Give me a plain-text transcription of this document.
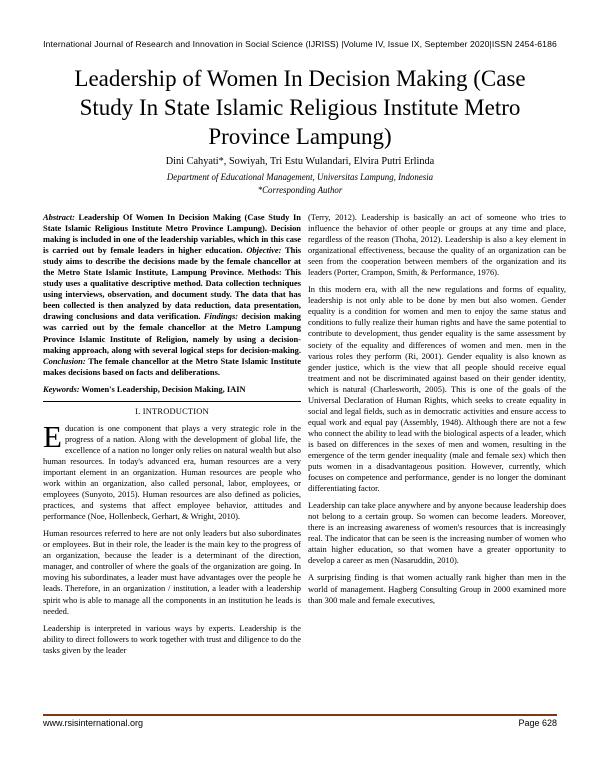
International Journal of Research and Innovation in Social Science (IJRISS) |Volume IV, Issue IX, September 2020|ISSN 2454-6186
Leadership of Women In Decision Making (Case Study In State Islamic Religious Institute Metro Province Lampung)
Dini Cahyati*, Sowiyah, Tri Estu Wulandari, Elvira Putri Erlinda
Department of Educational Management, Universitas Lampung, Indonesia
*Corresponding Author

Abstract: Leadership Of Women In Decision Making (Case Study In State Islamic Religious Institute Metro Province Lampung). Decision making is included in one of the leadership variables, which in this case is carried out by female leaders in higher education. Objective: This study aims to describe the decisions made by the female chancellor at the Metro State Islamic Institute, Lampung Province. Methods: This study uses a qualitative descriptive method. Data collection techniques using interviews, observation, and document study. The data that has been collected is then analyzed by data reduction, data presentation, drawing conclusions and data verification. Findings: decision making was carried out by the female chancellor at the Metro Lampung Province Islamic Institute of Religion, namely by using a decision-making approach, along with several logical steps for decision-making. Conclusion: The female chancellor at the Metro State Islamic Institute makes decisions based on facts and deliberations.

Keywords: Women's Leadership, Decision Making, IAIN

I. INTRODUCTION

Education is one component that plays a very strategic role in the progress of a nation. Along with the development of global life, the excellence of a nation no longer only relies on natural wealth but also human resources. In today's advanced era, human resources are a very important element in an organization. Human resources are people who work within an organization, also called personal, labor, employees, or employees (Sunyoto, 2015). Human resources are also defined as policies, practices, and systems that affect employee behavior, attitudes and performance (Noe, Hollenbeck, Gerhart, & Wright, 2010).

Human resources referred to here are not only leaders but also subordinates or employees. But in their role, the leader is the main key to the progress of an organization, because the leader is a determinant of the direction, manager, and controller of where the goals of the organization are going. In moving his subordinates, a leader must have advantages over the people he leads. Therefore, in an organization / institution, a leader with a leadership spirit who is able to manage all the components in an institution he leads is needed.

Leadership is interpreted in various ways by experts. Leadership is the ability to direct followers to work together with trust and diligence to do the tasks given by the leader

(Terry, 2012). Leadership is basically an act of someone who tries to influence the behavior of other people or groups at any time and place, regardless of the reason (Thoha, 2012). Leadership is also a key element in organizational effectiveness, because the quality of an organization can be seen from the cooperation between members of the organization and its leaders (Porter, Crampon, Smith, & Performance, 1976).

In this modern era, with all the new regulations and forms of equality, leadership is not only able to be done by men but also women. Gender equality is a condition for women and men to enjoy the same status and conditions to fully realize their human rights and have the same potential to contribute to development, thus gender equality is the same assessment by society of the equality and differences of women and men. men in the various roles they perform (Ri, 2001). Gender equality is also known as gender justice, which is the view that all people should receive equal treatment and not be discriminated against based on their gender identity, which is natural (Charlesworth, 2005). This is one of the goals of the Universal Declaration of Human Rights, which seeks to create equality in social and legal fields, such as in democratic activities and ensure access to equal work and equal pay (Assembly, 1948). Although there are not a few who connect the ability to lead with the biological aspects of a leader, which is based on differences in the sexes of men and women, resulting in the emergence of the term gender inequality (male and female sex) which then puts women in a disadvantageous position. However, currently, which focuses on competence and performance, gender is no longer the dominant differentiating factor.

Leadership can take place anywhere and by anyone because leadership does not belong to a certain group. So women can become leaders. Moreover, there is an increasing awareness of women's resources that is increasingly real. The indicator that can be seen is the increasing number of women who attain higher education, so that women have a greater opportunity to develop a career as men (Nasaruddin, 2010).

A surprising finding is that women actually rank higher than men in the world of management. Hagberg Consulting Group in 2000 examined more than 300 male and female executives,

www.rsisinternational.org	Page 628
